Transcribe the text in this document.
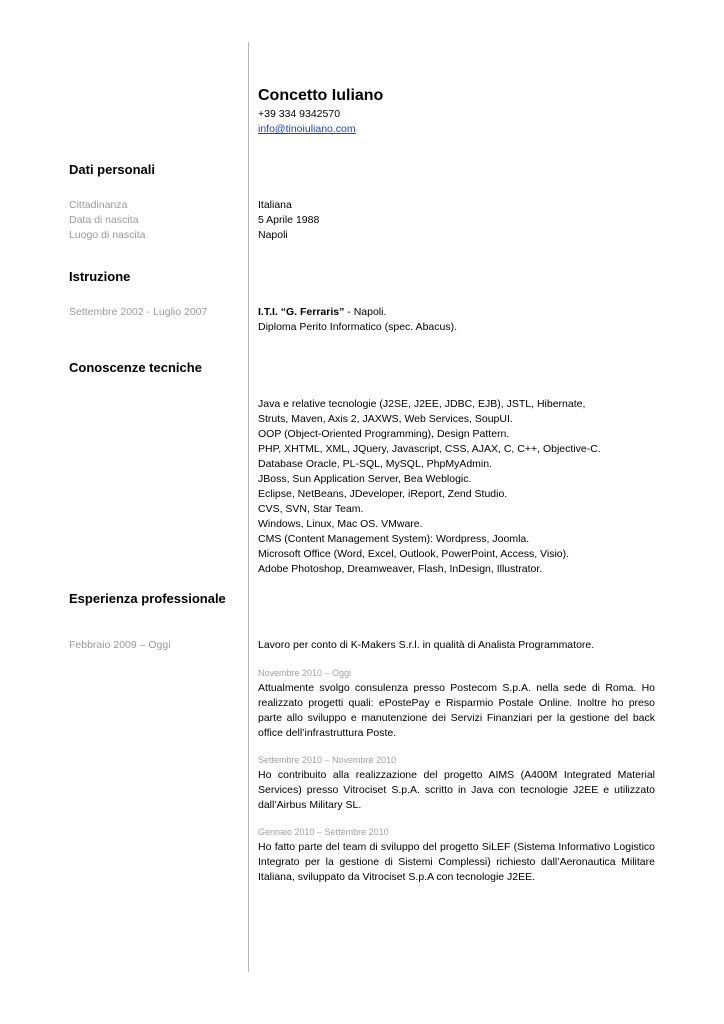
Concetto Iuliano
+39 334 9342570
info@tinoiuliano.com
Dati personali
Cittadinanza	Italiana
Data di nascita	5 Aprile 1988
Luogo di nascita	Napoli
Istruzione
Settembre 2002 - Luglio 2007	I.T.I. “G. Ferraris” - Napoli.
Diploma Perito Informatico (spec. Abacus).
Conoscenze tecniche
Java e relative tecnologie (J2SE, J2EE, JDBC, EJB), JSTL, Hibernate,
Struts, Maven, Axis 2, JAXWS, Web Services, SoupUI.
OOP (Object-Oriented Programming), Design Pattern.
PHP, XHTML, XML, JQuery, Javascript, CSS, AJAX, C, C++, Objective-C.
Database Oracle, PL-SQL, MySQL, PhpMyAdmin.
JBoss, Sun Application Server, Bea Weblogic.
Eclipse, NetBeans, JDeveloper, iReport, Zend Studio.
CVS, SVN, Star Team.
Windows, Linux, Mac OS. VMware.
CMS (Content Management System): Wordpress, Joomla.
Microsoft Office (Word, Excel, Outlook, PowerPoint, Access, Visio).
Adobe Photoshop, Dreamweaver, Flash, InDesign, Illustrator.
Esperienza professionale
Febbraio 2009 – Oggi	Lavoro per conto di K-Makers S.r.l. in qualità di Analista Programmatore.
Novembre 2010 – Oggi
Attualmente svolgo consulenza presso Postecom S.p.A. nella sede di Roma. Ho realizzato progetti quali: ePostePay e Risparmio Postale Online. Inoltre ho preso parte allo sviluppo e manutenzione dei Servizi Finanziari per la gestione del back office dell’infrastruttura Poste.
Settembre 2010 – Novembre 2010
Ho contribuito alla realizzazione del progetto AIMS (A400M Integrated Material Services) presso Vitrociset S.p.A. scritto in Java con tecnologie J2EE e utilizzato dall’Airbus Military SL.
Gennaio 2010 – Settembre 2010
Ho fatto parte del team di sviluppo del progetto SiLEF (Sistema Informativo Logistico Integrato per la gestione di Sistemi Complessi) richiesto dall’Aeronautica Militare Italiana, sviluppato da Vitrociset S.p.A con tecnologie J2EE.
